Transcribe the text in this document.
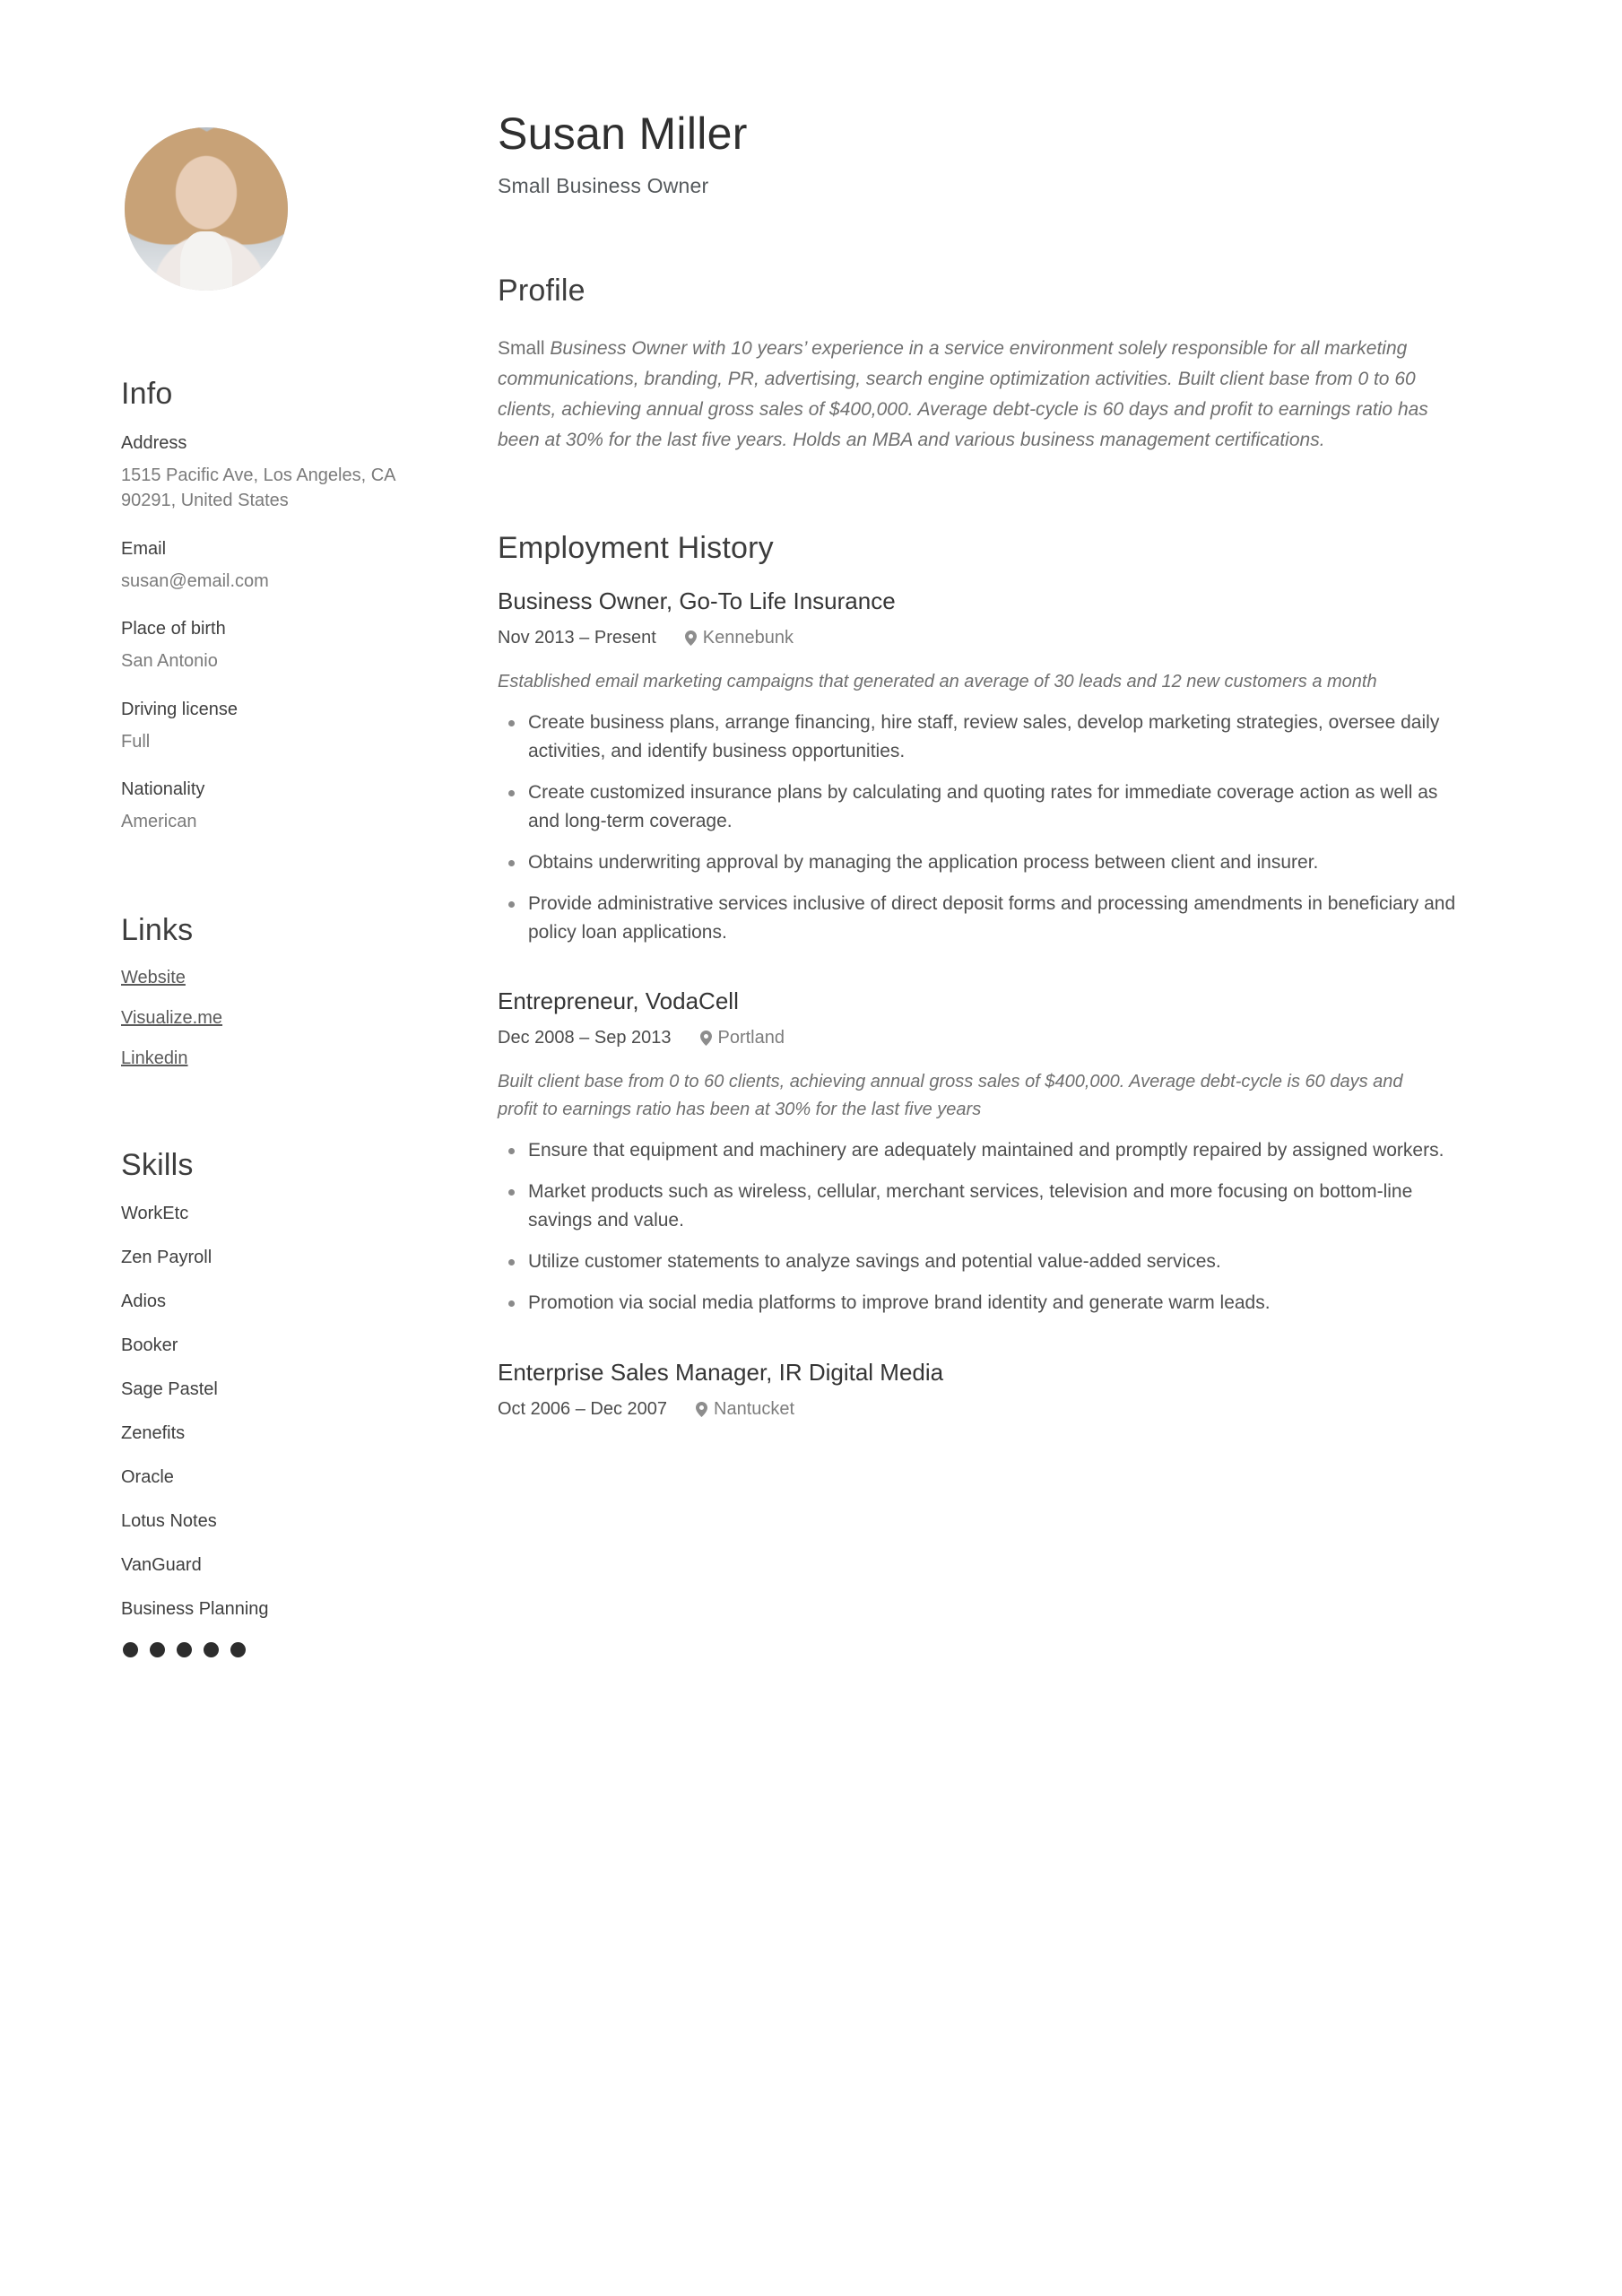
Info

Address

1515 Pacific Ave, Los Angeles, CA 90291, United States

Email

susan@email.com

Place of birth

San Antonio

Driving license

Full

Nationality

American

Links
Website
Visualize.me
Linkedin
Skills
WorkEtc
Zen Payroll
Adios
Booker
Sage Pastel
Zenefits
Oracle
Lotus Notes
VanGuard
Business Planning
Susan Miller

Small Business Owner

Profile

Small Business Owner with 10 years’ experience in a service environment solely responsible for all marketing communications, branding, PR, advertising, search engine optimization activities. Built client base from 0 to 60 clients, achieving annual gross sales of $400,000. Average debt-cycle is 60 days and profit to earnings ratio has been at 30% for the last five years. Holds an MBA and various business management certifications.

Employment History
Business Owner, Go-To Life Insurance
Nov 2013 – Present	Kennebunk

Established email marketing campaigns that generated an average of 30 leads and 12 new customers a month

Create business plans, arrange financing, hire staff, review sales, develop marketing strategies, oversee daily activities, and identify business opportunities.
Create customized insurance plans by calculating and quoting rates for immediate coverage action as well as and long-term coverage.
Obtains underwriting approval by managing the application process between client and insurer.
Provide administrative services inclusive of direct deposit forms and processing amendments in beneficiary and policy loan applications.
Entrepreneur, VodaCell
Dec 2008 – Sep 2013	Portland

Built client base from 0 to 60 clients, achieving annual gross sales of $400,000. Average debt-cycle is 60 days and profit to earnings ratio has been at 30% for the last five years

Ensure that equipment and machinery are adequately maintained and promptly repaired by assigned workers.
Market products such as wireless, cellular, merchant services, television and more focusing on bottom-line savings and value.
Utilize customer statements to analyze savings and potential value-added services.
Promotion via social media platforms to improve brand identity and generate warm leads.
Enterprise Sales Manager, IR Digital Media
Oct 2006 – Dec 2007	Nantucket
